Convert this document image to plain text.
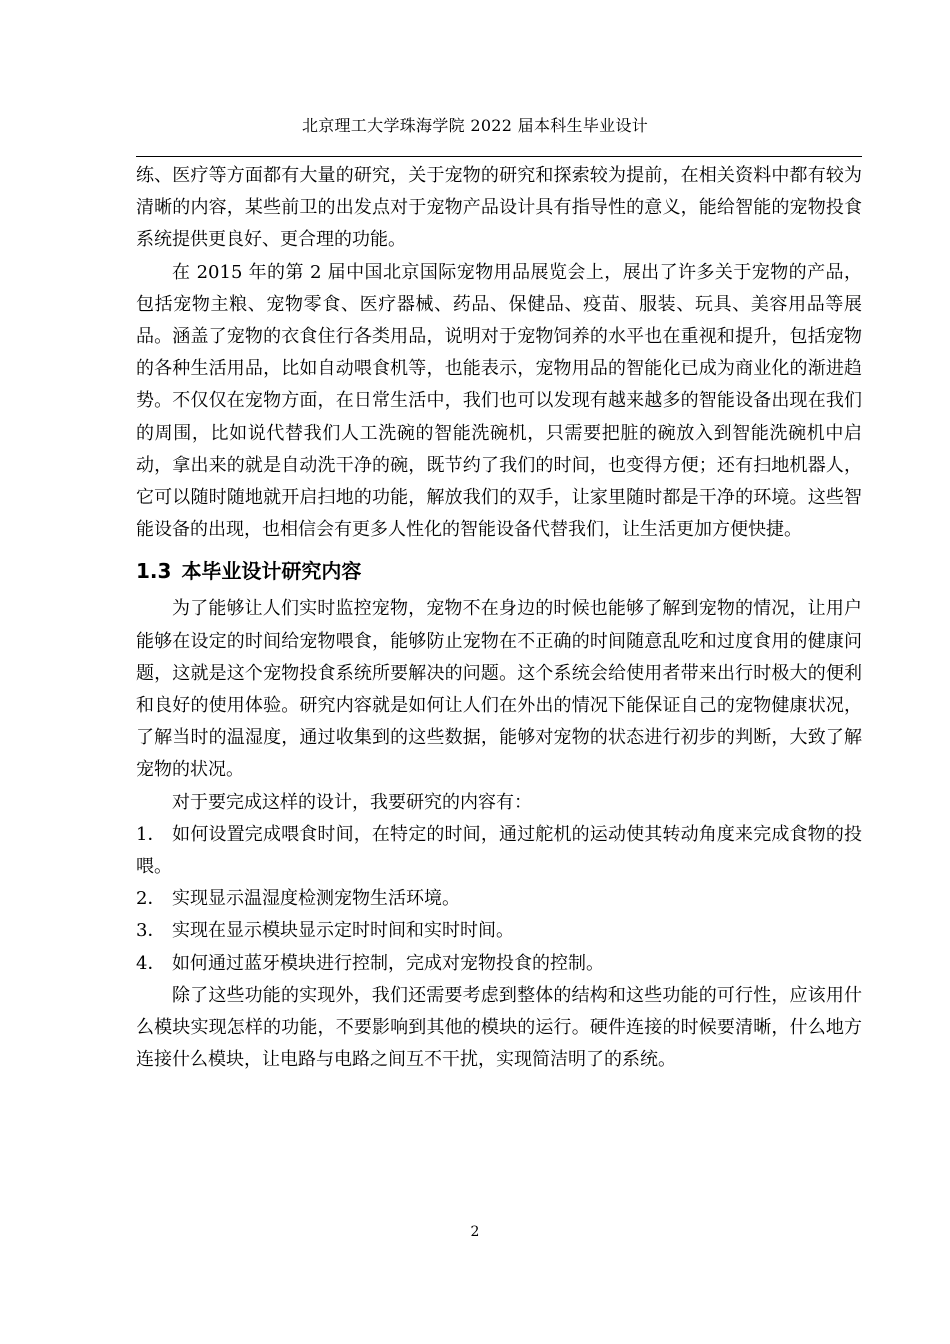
北京理工大学珠海学院 2022 届本科生毕业设计

练、医疗等方面都有大量的研究，关于宠物的研究和探索较为提前，在相关资料中都有较为清晰的内容，某些前卫的出发点对于宠物产品设计具有指导性的意义，能给智能的宠物投食系统提供更良好、更合理的功能。

在 2015 年的第 2 届中国北京国际宠物用品展览会上，展出了许多关于宠物的产品，包括宠物主粮、宠物零食、医疗器械、药品、保健品、疫苗、服装、玩具、美容用品等展品。涵盖了宠物的衣食住行各类用品，说明对于宠物饲养的水平也在重视和提升，包括宠物的各种生活用品，比如自动喂食机等，也能表示，宠物用品的智能化已成为商业化的渐进趋势。不仅仅在宠物方面，在日常生活中，我们也可以发现有越来越多的智能设备出现在我们的周围，比如说代替我们人工洗碗的智能洗碗机，只需要把脏的碗放入到智能洗碗机中启动，拿出来的就是自动洗干净的碗，既节约了我们的时间，也变得方便；还有扫地机器人，它可以随时随地就开启扫地的功能，解放我们的双手，让家里随时都是干净的环境。这些智能设备的出现，也相信会有更多人性化的智能设备代替我们，让生活更加方便快捷。

1.3 本毕业设计研究内容

为了能够让人们实时监控宠物，宠物不在身边的时候也能够了解到宠物的情况，让用户能够在设定的时间给宠物喂食，能够防止宠物在不正确的时间随意乱吃和过度食用的健康问题，这就是这个宠物投食系统所要解决的问题。这个系统会给使用者带来出行时极大的便利和良好的使用体验。研究内容就是如何让人们在外出的情况下能保证自己的宠物健康状况，了解当时的温湿度，通过收集到的这些数据，能够对宠物的状态进行初步的判断，大致了解宠物的状况。

对于要完成这样的设计，我要研究的内容有：

1． 如何设置完成喂食时间，在特定的时间，通过舵机的运动使其转动角度来完成食物的投喂。

2． 实现显示温湿度检测宠物生活环境。

3． 实现在显示模块显示定时时间和实时时间。

4． 如何通过蓝牙模块进行控制，完成对宠物投食的控制。

除了这些功能的实现外，我们还需要考虑到整体的结构和这些功能的可行性，应该用什么模块实现怎样的功能，不要影响到其他的模块的运行。硬件连接的时候要清晰，什么地方连接什么模块，让电路与电路之间互不干扰，实现简洁明了的系统。

2
